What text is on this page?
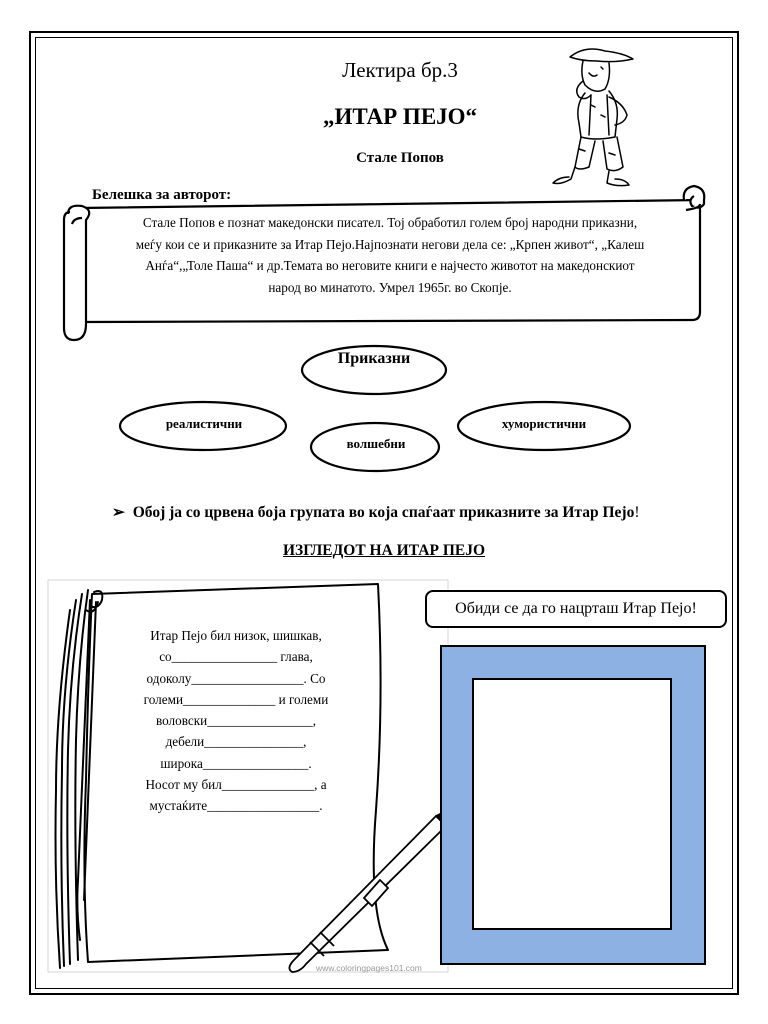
Лектира бр.3
„ИТАР ПЕЈО“
Стале Попов
Белешка за авторот:
Стале Попов е познат македонски писател. Тој обработил голем број народни приказни,
меѓу кои се и приказните за Итар Пејо.Најпознати негови дела се: „Крпен живот“, „Калеш
Анѓа“,„Толе Паша“ и др.Темата во неговите книги е најчесто животот на македонскиот
народ во минатото. Умрел 1965г. во Скопје.
Приказни
реалистични
волшебни
хумористични
➢  Обој ја со црвена боја групата во која спаѓаат приказните за Итар Пејо!
ИЗГЛЕДОТ НА ИТАР ПЕЈО
Итар Пејо бил низок, шишкав,
со________________ глава,
одоколу_________________. Со
големи______________ и големи
воловски________________,
дебели_______________,
широка________________.
Носот му бил______________, а
мустаќите_________________.
www.coloringpages101.com
Обиди се да го нацрташ Итар Пејо!
